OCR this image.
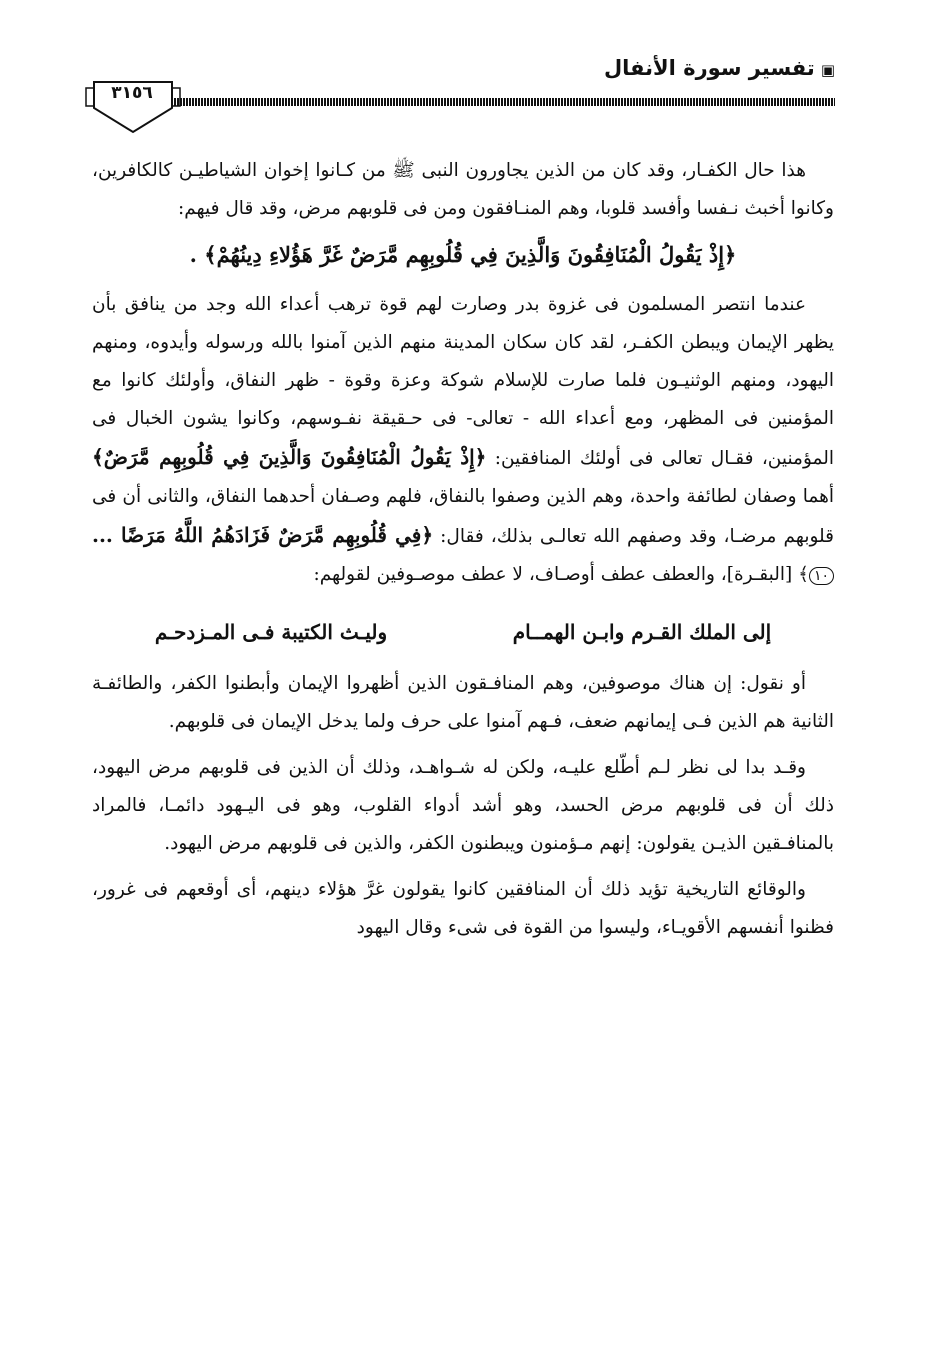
▣تفسير سورة الأنفال
٣١٥٦

هذا حال الكفـار، وقد كان من الذين يجاورون النبى ﷺ من كـانوا إخوان الشياطيـن كالكافرين، وكانوا أخبث نـفسا وأفسد قلوبا، وهم المنـافقون ومن فى قلوبهم مرض، وقد قال فيهم:

﴿إِذْ يَقُولُ الْمُنَافِقُونَ وَالَّذِينَ فِي قُلُوبِهِم مَّرَضٌ غَرَّ هَؤُلاءِ دِينُهُمْ﴾ .

عندما انتصر المسلمون فى غزوة بدر وصارت لهم قوة ترهب أعداء الله وجد من ينافق بأن يظهر الإيمان ويبطن الكفـر، لقد كان سكان المدينة منهم الذين آمنوا بالله ورسوله وأيدوه، ومنهم اليهود، ومنهم الوثنيـون فلما صارت للإسلام شوكة وعزة وقوة - ظهر النفاق، وأولئك كانوا مع المؤمنين فى المظهر، ومع أعداء الله - تعالى- فى حـقيقة نفـوسهم، وكانوا يشون الخبال فى المؤمنين، فقـال تعالى فى أولئك المنافقين: ﴿إِذْ يَقُولُ الْمُنَافِقُونَ وَالَّذِينَ فِي قُلُوبِهِم مَّرَضٌ﴾ أهما وصفان لطائفة واحدة، وهم الذين وصفوا بالنفاق، فلهم وصـفان أحدهما النفاق، والثانى أن فى قلوبهم مرضـا، وقد وصفهم الله تعالـى بذلك، فقال: ﴿فِي قُلُوبِهِم مَّرَضٌ فَزَادَهُمُ اللَّهُ مَرَضًا ... ١٠﴾ [البقـرة]، والعطف عطف أوصـاف، لا عطف موصـوفين لقولهم:

إلى الملك القـرم وابـن الهمــام
وليـث الكتيبة فـى المـزدحـم

أو نقول: إن هناك موصوفين، وهم المنافـقون الذين أظهروا الإيمان وأبطنوا الكفر، والطائفـة الثانية هم الذين فـى إيمانهم ضعف، فـهم آمنوا على حرف ولما يدخل الإيمان فى قلوبهم.

وقـد بدا لى نظر لـم أطّلع عليـه، ولكن له شـواهـد، وذلك أن الذين فى قلوبهم مرض اليهود، ذلك أن فى قلوبهم مرض الحسد، وهو أشد أدواء القلوب، وهو فى اليـهود دائمـا، فالمراد بالمنافـقين الذيـن يقولون: إنهم مـؤمنون ويبطنون الكفر، والذين فى قلوبهم مرض اليهود.

والوقائع التاريخية تؤيد ذلك أن المنافقين كانوا يقولون غرَّ هؤلاء دينهم، أى أوقعهم فى غرور، فظنوا أنفسهم الأقويـاء، وليسوا من القوة فى شىء وقال اليهود
